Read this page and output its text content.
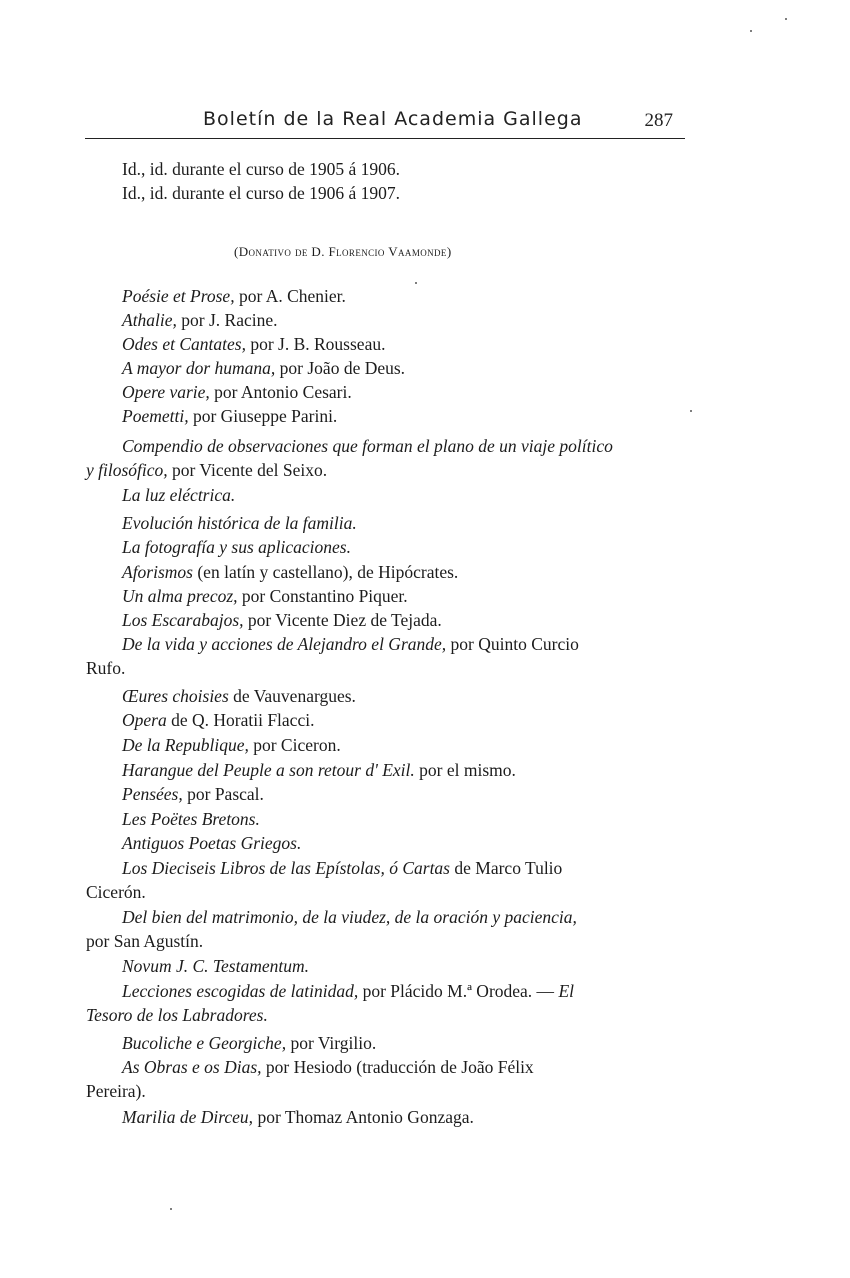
Boletín de la Real Academia Gallega	287
Id., id. durante el curso de 1905 á 1906.
Id., id. durante el curso de 1906 á 1907.
(Donativo de D. Florencio Vaamonde)
Poésie et Prose, por A. Chenier.
Athalie, por J. Racine.
Odes et Cantates, por J. B. Rousseau.
A mayor dor humana, por João de Deus.
Opere varie, por Antonio Cesari.
Poemetti, por Giuseppe Parini.
Compendio de observaciones que forman el plano de un viaje político
y filosófico, por Vicente del Seixo.
La luz eléctrica.
Evolución histórica de la familia.
La fotografía y sus aplicaciones.
Aforismos (en latín y castellano), de Hipócrates.
Un alma precoz, por Constantino Piquer.
Los Escarabajos, por Vicente Diez de Tejada.
De la vida y acciones de Alejandro el Grande, por Quinto Curcio
Rufo.
Œures choisies de Vauvenargues.
Opera de Q. Horatii Flacci.
De la Republique, por Ciceron.
Harangue del Peuple a son retour d' Exil. por el mismo.
Pensées, por Pascal.
Les Poëtes Bretons.
Antiguos Poetas Griegos.
Los Dieciseis Libros de las Epístolas, ó Cartas de Marco Tulio
Cicerón.
Del bien del matrimonio, de la viudez, de la oración y paciencia,
por San Agustín.
Novum J. C. Testamentum.
Lecciones escogidas de latinidad, por Plácido M.ª Orodea. — El
Tesoro de los Labradores.
Bucoliche e Georgiche, por Virgilio.
As Obras e os Dias, por Hesiodo (traducción de João Félix
Pereira).
Marilia de Dirceu, por Thomaz Antonio Gonzaga.
